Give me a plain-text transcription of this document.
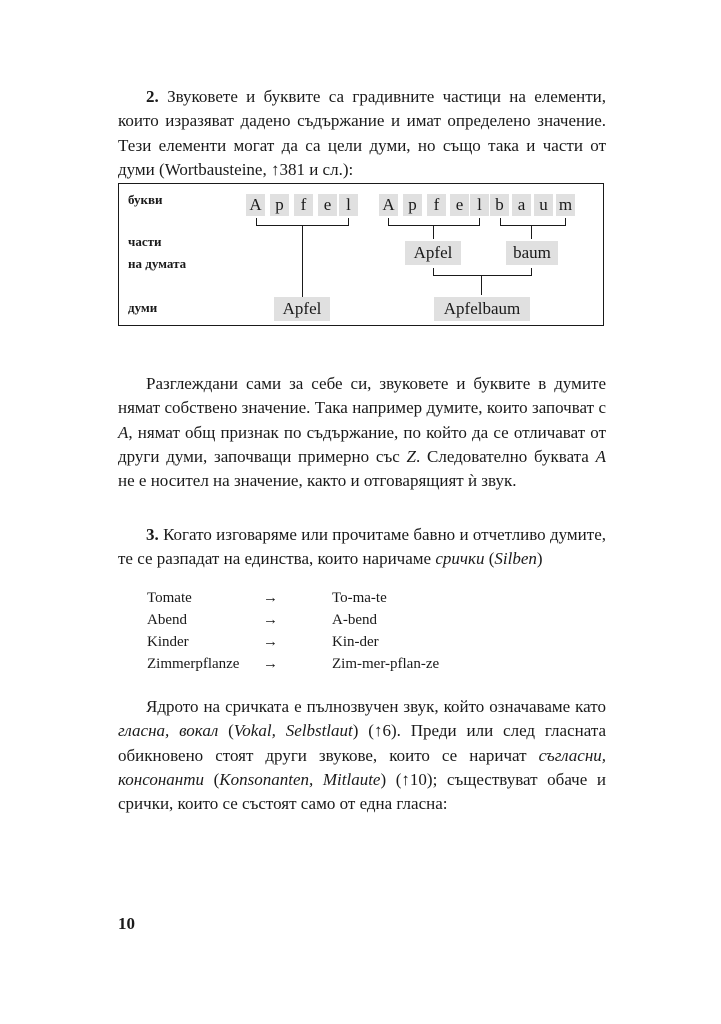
2. Звуковете и буквите са градивните частици на елементи, които изразяват дадено съдържание и имат определено значение. Тези елементи могат да са цели думи, но също така и части от думи (Wortbausteine, ↑381 и сл.):

букви
части
на думата
думи
A p f	e l	A p f e l b a u m
Apfel	baum
Apfel	Apfelbaum

Разглеждани сами за себе си, звуковете и буквите в думите нямат собствено значение. Така например думите, които започват с A, нямат общ признак по съдържание, по който да се отличават от други думи, започващи примерно със Z. Следователно буквата A не е носител на значение, както и отговарящият ѝ звук.

3. Когато изговаряме или прочитаме бавно и отчетливо думите, те се разпадат на единства, които наричаме срички (Silben)

Tomate	→	To-ma-te
Abend	→	A-bend
Kinder	→	Kin-der
Zimmerpflanze →	Zim-mer-pflan-ze

Ядрото на сричката е пълнозвучен звук, който означаваме като гласна, вокал (Vokal, Selbstlaut) (↑6). Преди или след гласната обикновено стоят други звукове, които се наричат съгласни, консонанти (Konsonanten, Mitlaute) (↑10); съществуват обаче и срички, които се състоят само от една гласна:

10
